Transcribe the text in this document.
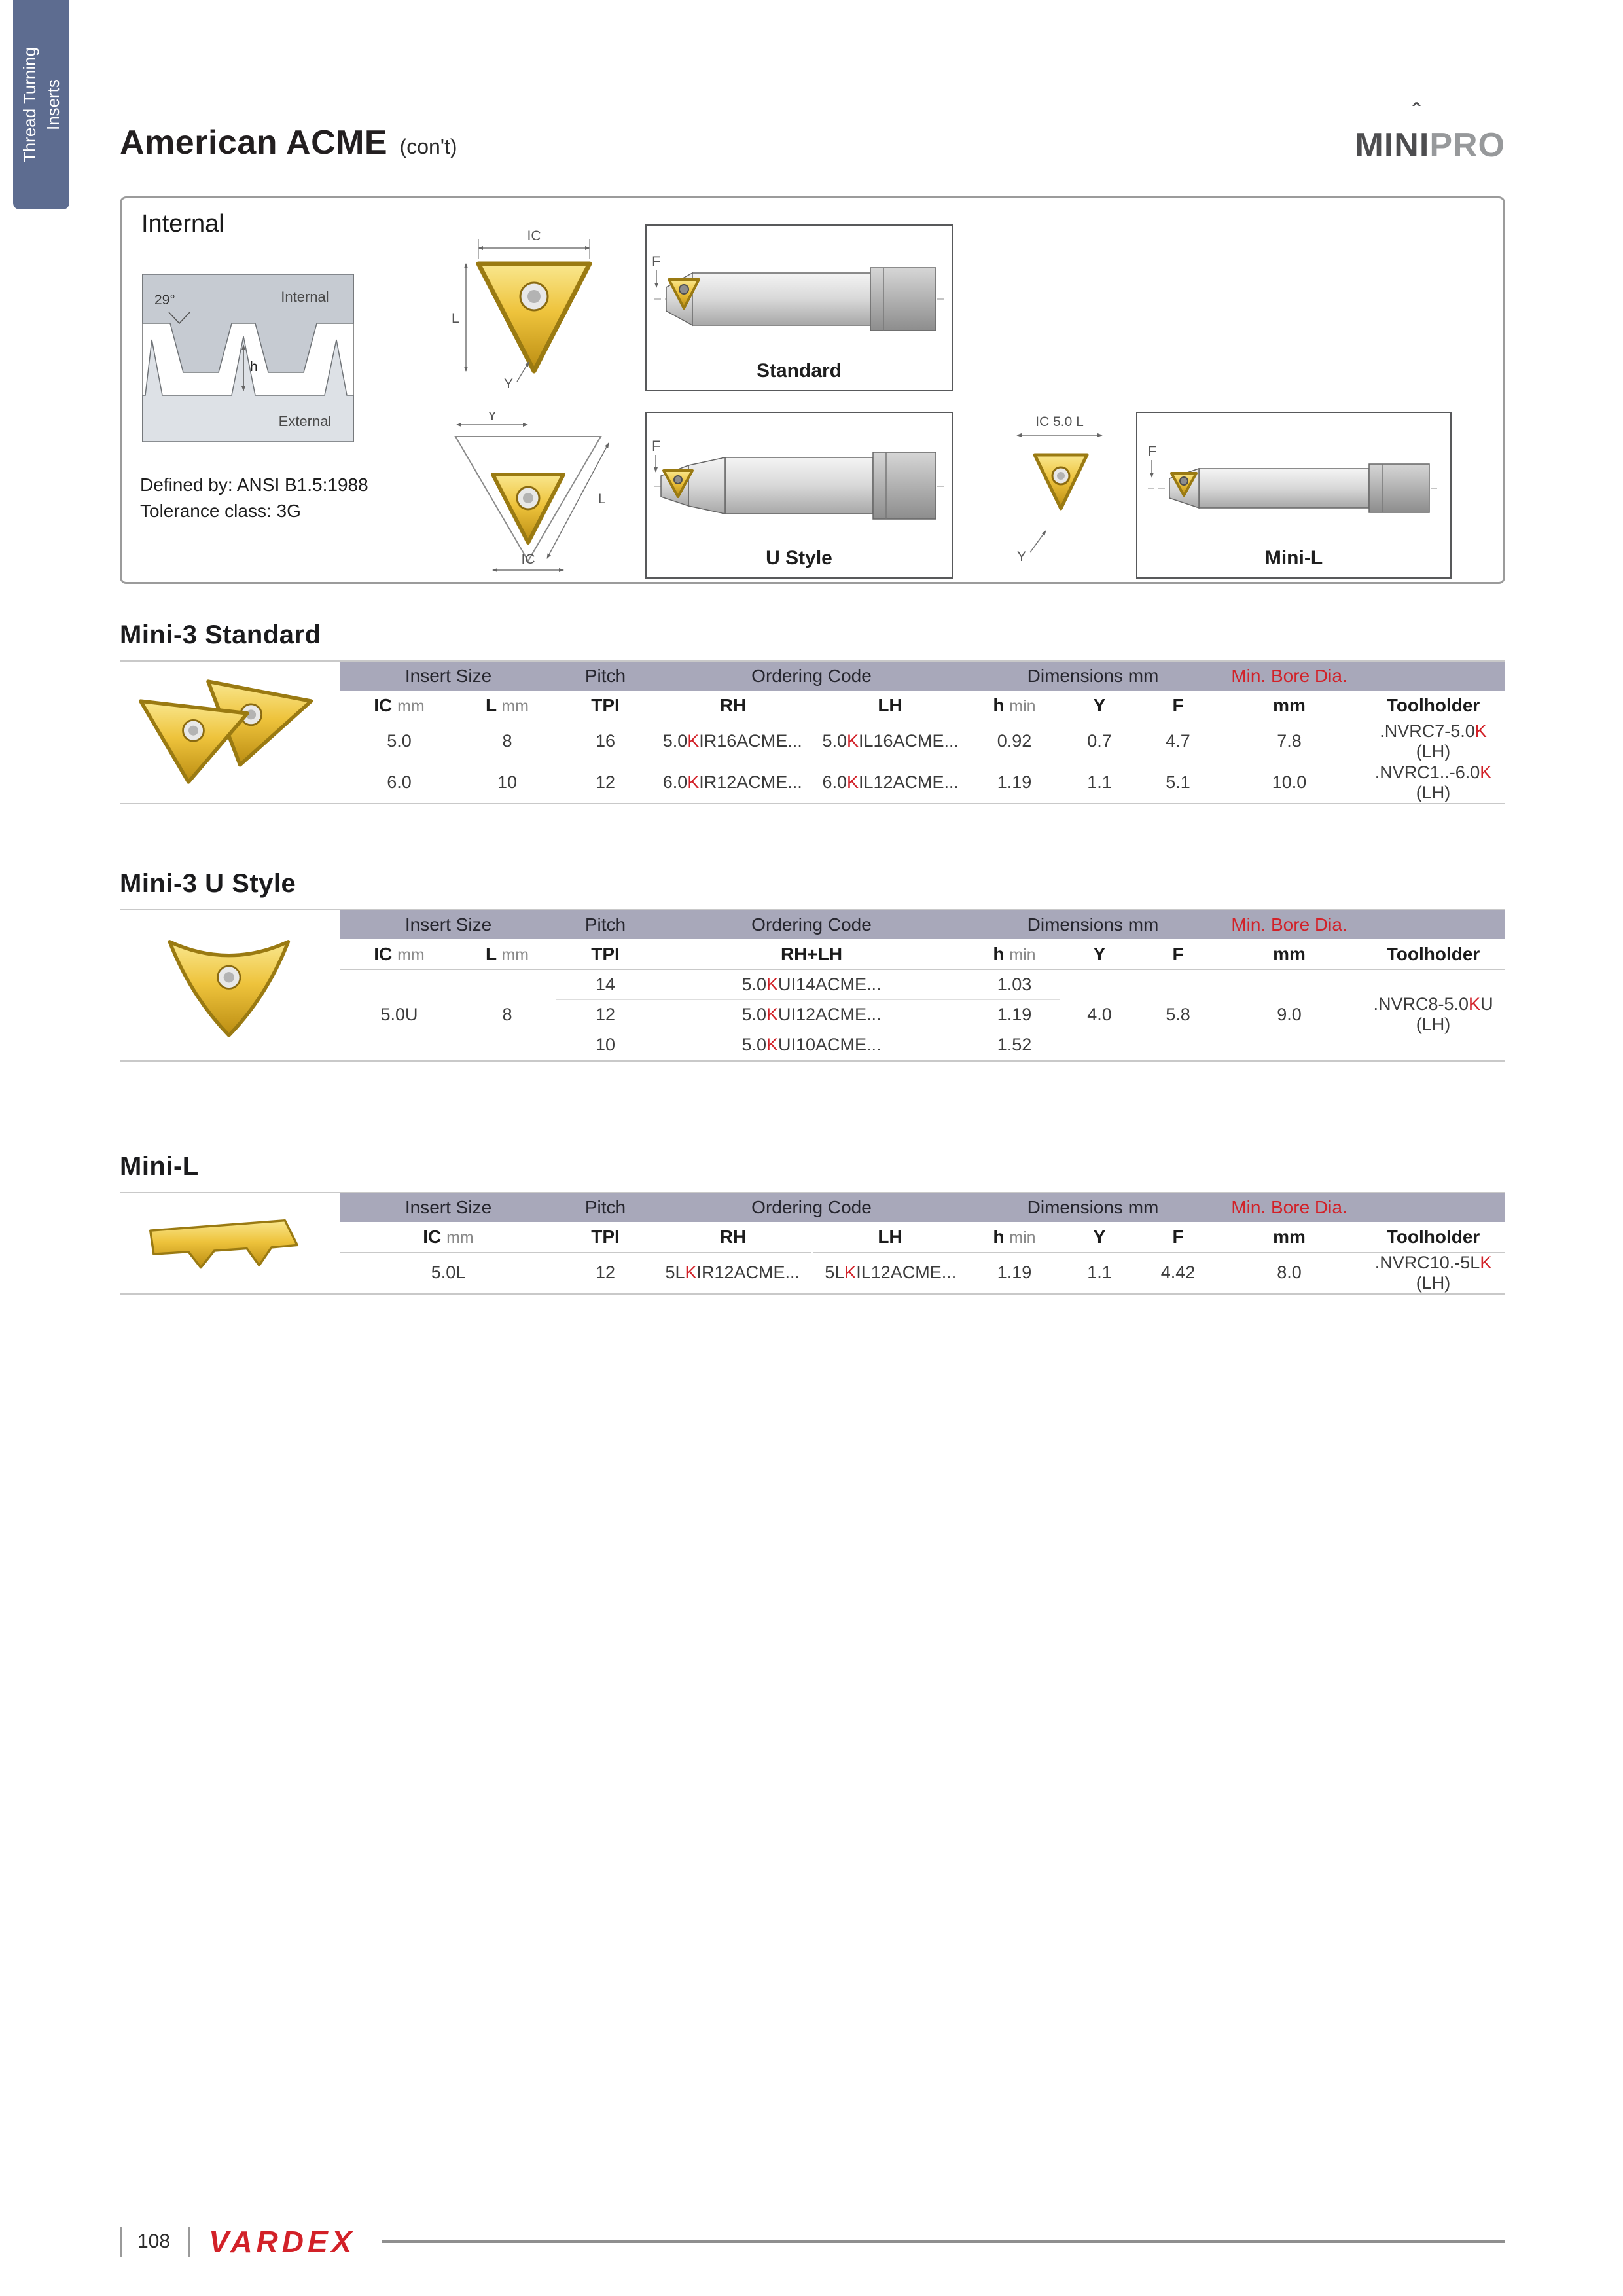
Thread Turning Inserts
American ACME (con't)	MINI
ˆ
PRO
Internal
29°	Internal
External
h
Defined by: ANSI B1.5:1988
Tolerance class: 3G
IC
L
Y
F
Standard
Y
L
IC
F
U Style
IC 5.0 L
Y
F
Mini-L
Mini-3 Standard
Insert Size		Pitch	Ordering Code		Dimensions mm			Min. Bore Dia.	
IC mm	L mm	TPI	RH	LH	h min	Y	F	mm	Toolholder
5.0	8	16	5.0KIR16ACME...	5.0KIL16ACME...	0.92	0.7	4.7	7.8	.NVRC7-5.0K (LH)
6.0	10	12	6.0KIR12ACME...	6.0KIL12ACME...	1.19	1.1	5.1	10.0	.NVRC1..-6.0K (LH)
Mini-3 U Style
Insert Size		Pitch	Ordering Code	Dimensions mm			Min. Bore Dia.	
IC mm	L mm	TPI	RH+LH	h min	Y	F	mm	Toolholder
5.0U	8	14	5.0KUI14ACME...	1.03	4.0	5.8	9.0	.NVRC8-5.0KU (LH)
		12	5.0KUI12ACME...	1.19				
		10	5.0KUI10ACME...	1.52				
Mini-L
Insert Size	Pitch	Ordering Code		Dimensions mm			Min. Bore Dia.	
IC mm	TPI	RH	LH	h min	Y	F	mm	Toolholder
5.0L	12	5LKIR12ACME...	5LKIL12ACME...	1.19	1.1	4.42	8.0	.NVRC10.-5LK (LH)
108 VARDEX
